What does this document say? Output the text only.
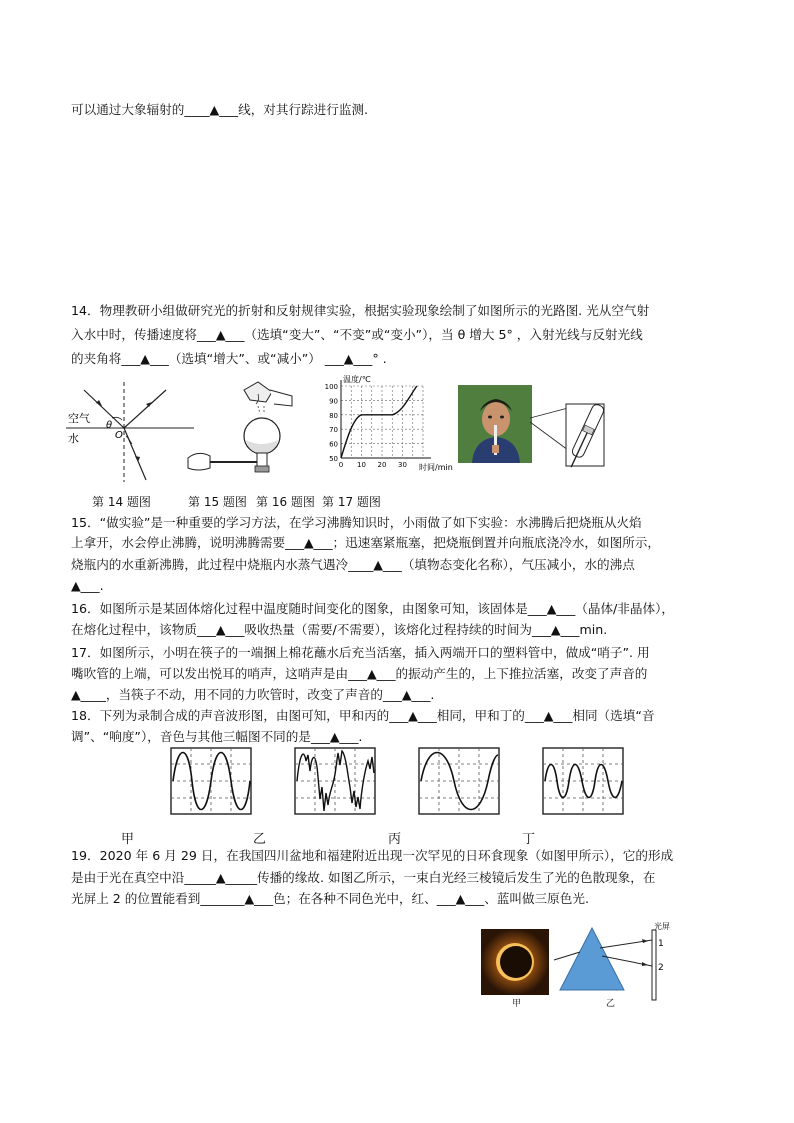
可以通过大象辐射的____▲___线，对其行踪进行监测.
14．物理教研小组做研究光的折射和反射规律实验，根据实验现象绘制了如图所示的光路图. 光从空气射
入水中时，传播速度将___▲___（选填“变大”、“不变”或“变小”），当 θ 增大 5° ，入射光线与反射光线
的夹角将___▲___（选填“增大”、或“减小”） ___▲___° .
空气
水
θ
O
100
90
80
70
60
50
0 10 20 30
温度/℃
时间/min
第 14 题图	第 15 题图 第 16 题图 第 17 题图
15．“做实验”是一种重要的学习方法，在学习沸腾知识时，小雨做了如下实验：水沸腾后把烧瓶从火焰
上拿开，水会停止沸腾，说明沸腾需要___▲___；迅速塞紧瓶塞，把烧瓶倒置并向瓶底浇冷水，如图所示，
烧瓶内的水重新沸腾，此过程中烧瓶内水蒸气遇冷____▲___（填物态变化名称），气压减小，水的沸点
▲___.
16．如图所示是某固体熔化过程中温度随时间变化的图象，由图象可知，该固体是___▲___（晶体/非晶体），
在熔化过程中，该物质___▲___吸收热量（需要/不需要），该熔化过程持续的时间为___▲___min.
17．如图所示，小明在筷子的一端捆上棉花蘸水后充当活塞，插入两端开口的塑料管中，做成“哨子”. 用
嘴吹管的上端，可以发出悦耳的哨声，这哨声是由___▲___的振动产生的，上下推拉活塞，改变了声音的
▲____，当筷子不动，用不同的力吹管时，改变了声音的___▲___.
18．下列为录制合成的声音波形图，由图可知，甲和丙的___▲___相同，甲和丁的___▲___相同（选填“音
调”、“响度”），音色与其他三幅图不同的是___▲___.
甲	乙	丙	丁
19．2020 年 6 月 29 日，在我国四川盆地和福建附近出现一次罕见的日环食现象（如图甲所示），它的形成
是由于光在真空中沿_____▲_____传播的缘故. 如图乙所示，一束白光经三棱镜后发生了光的色散现象，在
光屏上 2 的位置能看到_______▲___色；在各种不同色光中，红、___▲___、蓝叫做三原色光.
甲
光屏
1
2
乙
